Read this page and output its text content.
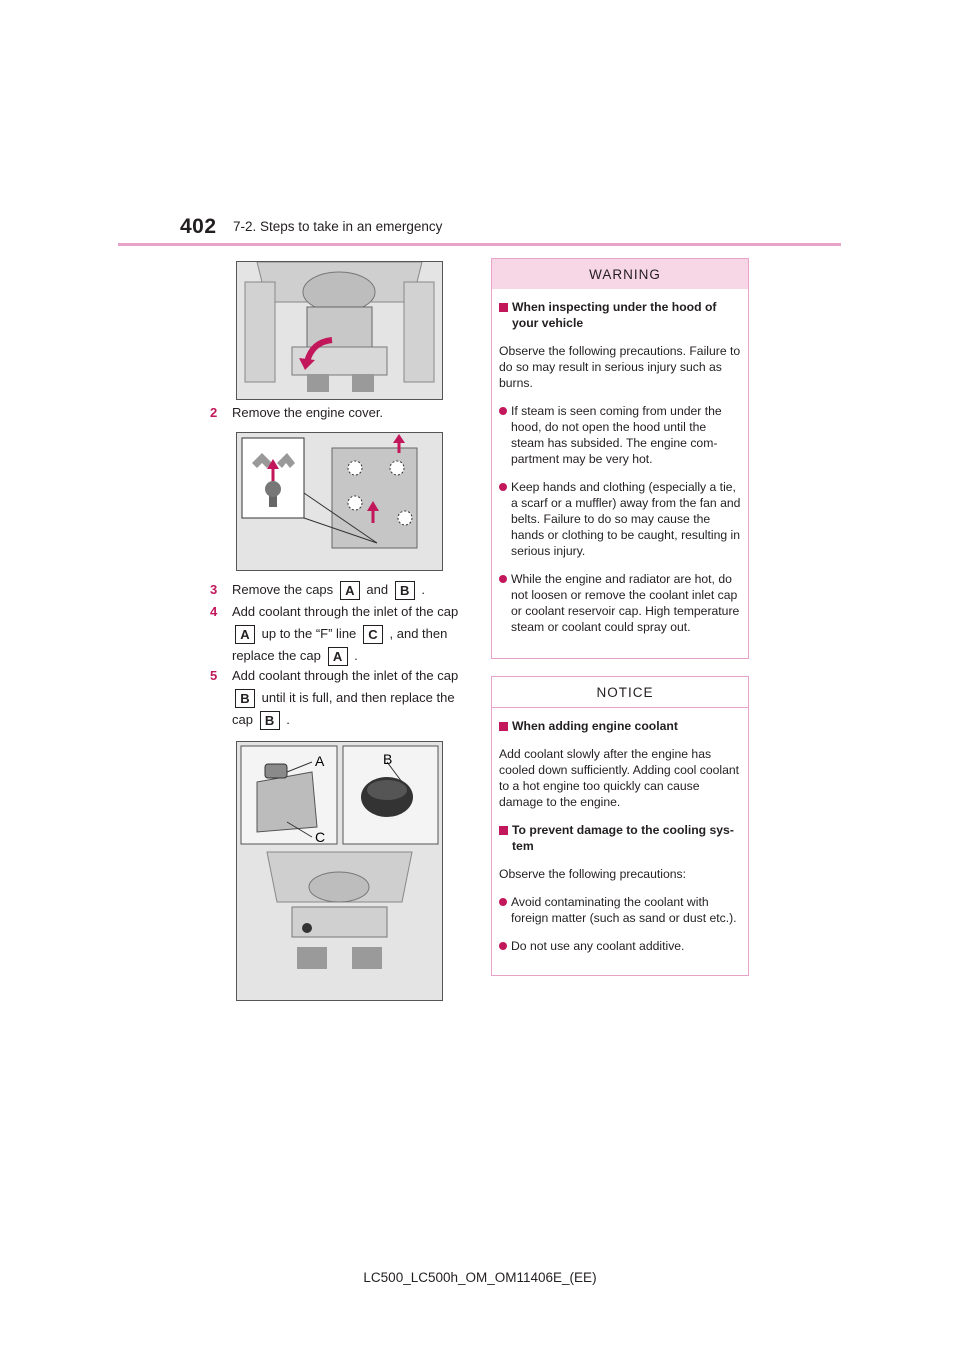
402 7-2. Steps to take in an emergency
2 Remove the engine cover.
3 Remove the caps A and B .
4 Add coolant through the inlet of the cap
A up to the “F” line C , and then
replace the cap A .
5 Add coolant through the inlet of the cap
B until it is full, and then replace the
cap B .
A	B
C
WARNING
When inspecting under the hood of your vehicle
Observe the following precautions. Failure to do so may result in serious injury such as burns.
If steam is seen coming from under the hood, do not open the hood until the steam has subsided. The engine com-partment may be very hot.
Keep hands and clothing (especially a tie, a scarf or a muffler) away from the fan and belts. Failure to do so may cause the hands or clothing to be caught, resulting in serious injury.
While the engine and radiator are hot, do not loosen or remove the coolant inlet cap or coolant reservoir cap. High temperature steam or coolant could spray out.
NOTICE
When adding engine coolant
Add coolant slowly after the engine has cooled down sufficiently. Adding cool coolant to a hot engine too quickly can cause damage to the engine.
To prevent damage to the cooling sys-tem
Observe the following precautions:
Avoid contaminating the coolant with foreign matter (such as sand or dust etc.).
Do not use any coolant additive.
LC500_LC500h_OM_OM11406E_(EE)
